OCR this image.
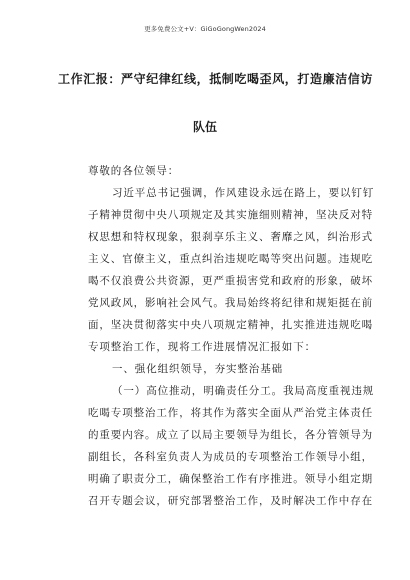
更多免费公文+V：GiGoGongWen2024
工作汇报：严守纪律红线，抵制吃喝歪风，打造廉洁信访
队伍
尊敬的各位领导：
习近平总书记强调，作风建设永远在路上，要以钉钉
子精神贯彻中央八项规定及其实施细则精神，坚决反对特
权思想和特权现象，狠刹享乐主义、奢靡之风，纠治形式
主义、官僚主义，重点纠治违规吃喝等突出问题。违规吃
喝不仅浪费公共资源，更严重损害党和政府的形象，破坏
党风政风，影响社会风气。我局始终将纪律和规矩挺在前
面，坚决贯彻落实中央八项规定精神，扎实推进违规吃喝
专项整治工作，现将工作进展情况汇报如下：
一、强化组织领导，夯实整治基础
（一）高位推动，明确责任分工。我局高度重视违规
吃喝专项整治工作，将其作为落实全面从严治党主体责任
的重要内容。成立了以局主要领导为组长，各分管领导为
副组长，各科室负责人为成员的专项整治工作领导小组，
明确了职责分工，确保整治工作有序推进。领导小组定期
召开专题会议，研究部署整治工作，及时解决工作中存在
